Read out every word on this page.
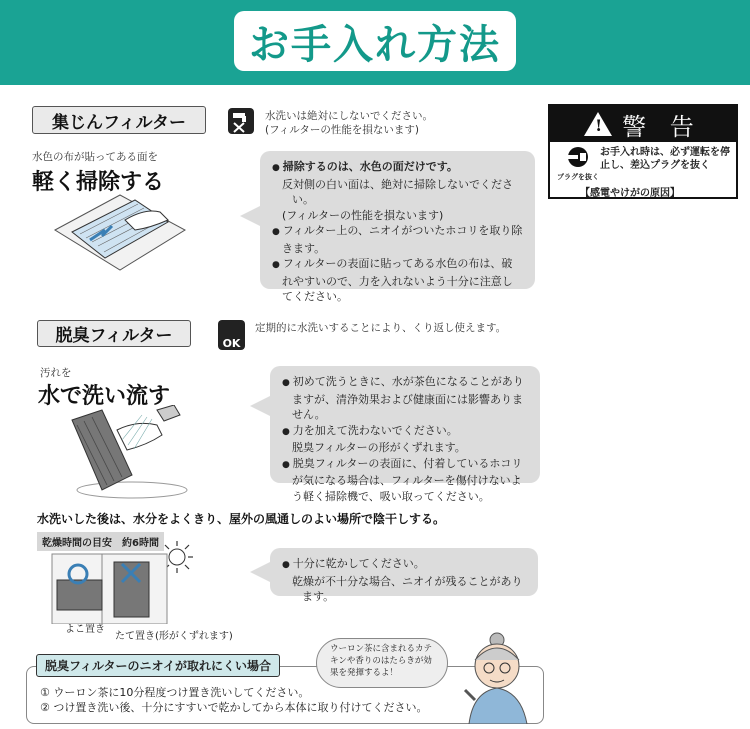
お手入れ方法
集じんフィルター	水洗いは絶対にしないでください。
(フィルターの性能を損ないます)
水色の布が貼ってある面を
軽く掃除する
● 掃除するのは、水色の面だけです。
反対側の白い面は、絶対に掃除しないでください。
(フィルターの性能を損ないます)
● フィルター上の、ニオイがついたホコリを取り除きます。
● フィルターの表面に貼ってある水色の布は、破れやすいので、力を入れないよう十分に注意してください。
! 警 告
プラグを抜く
お手入れ時は、必ず運転を停止し、差込プラグを抜く
【感電やけがの原因】
脱臭フィルター	OK
定期的に水洗いすることにより、くり返し使えます。
汚れを
水で洗い流す
● 初めて洗うときに、水が茶色になることがありますが、清浄効果および健康面には影響ありません。
● 力を加えて洗わないでください。
脱臭フィルターの形がくずれます。
● 脱臭フィルターの表面に、付着しているホコリが気になる場合は、フィルターを傷付けないよう軽く掃除機で、吸い取ってください。
水洗いした後は、水分をよくきり、屋外の風通しのよい場所で陰干しする。
乾燥時間の目安　約6時間
よこ置き
たて置き(形がくずれます)
● 十分に乾かしてください。
乾燥が不十分な場合、ニオイが残ることがあります。
脱臭フィルターのニオイが取れにくい場合
① ウーロン茶に10分程度つけ置き洗いしてください。
② つけ置き洗い後、十分にすすいで乾かしてから本体に取り付けてください。
ウーロン茶に含まれるカテキンや香りのはたらきが効果を発揮するよ！
